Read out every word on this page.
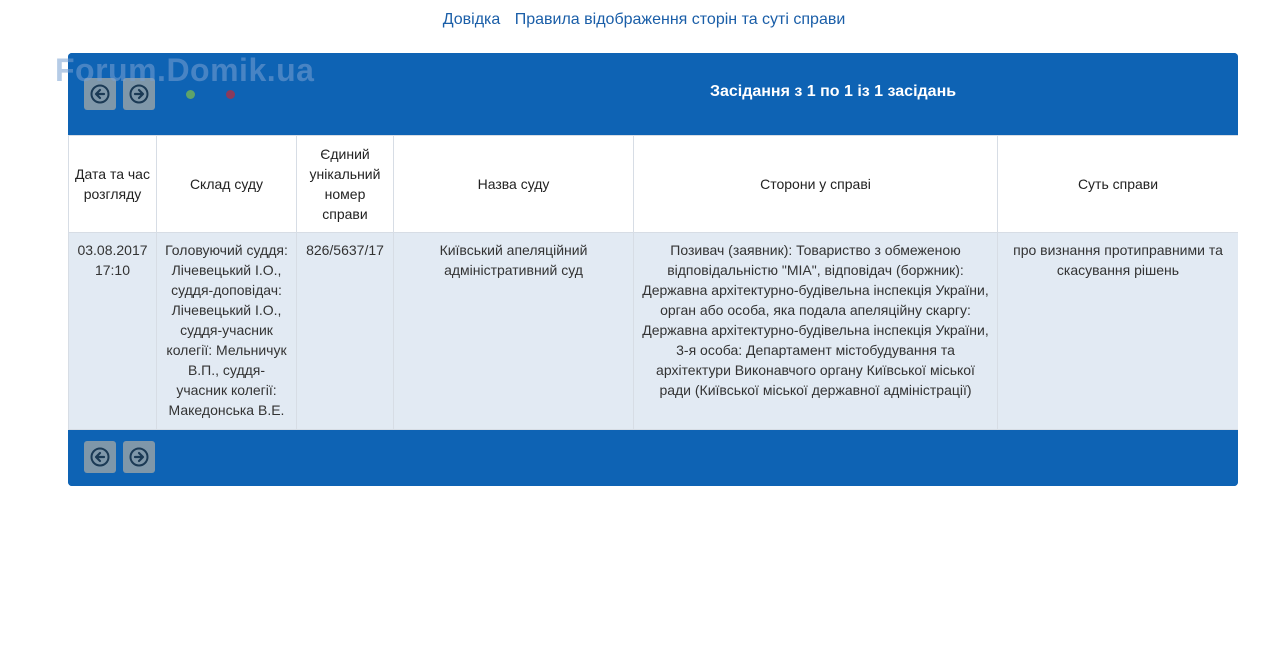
Довідка Правила відображення сторін та суті справи
Засідання з 1 по 1 із 1 засідань
Дата та час розгляду	Склад суду	Єдиний унікальний номер справи	Назва суду	Сторони у справі	Суть справи
03.08.2017 17:10	Головуючий суддя: Лічевецький І.О., суддя-доповідач: Лічевецький І.О., суддя-учасник колегії: Мельничук В.П., суддя-учасник колегії: Македонська В.Е.	826/5637/17	Київський апеляційний адміністративний суд	Позивач (заявник): Товариство з обмеженою відповідальністю "МІА", відповідач (боржник): Державна архітектурно-будівельна інспекція України, орган або особа, яка подала апеляційну скаргу: Державна архітектурно-будівельна інспекція України, 3-я особа: Департамент містобудування та архітектури Виконавчого органу Київської міської ради (Київської міської державної адміністрації)	про визнання протиправними та скасування рішень
Forum.Domik.ua
